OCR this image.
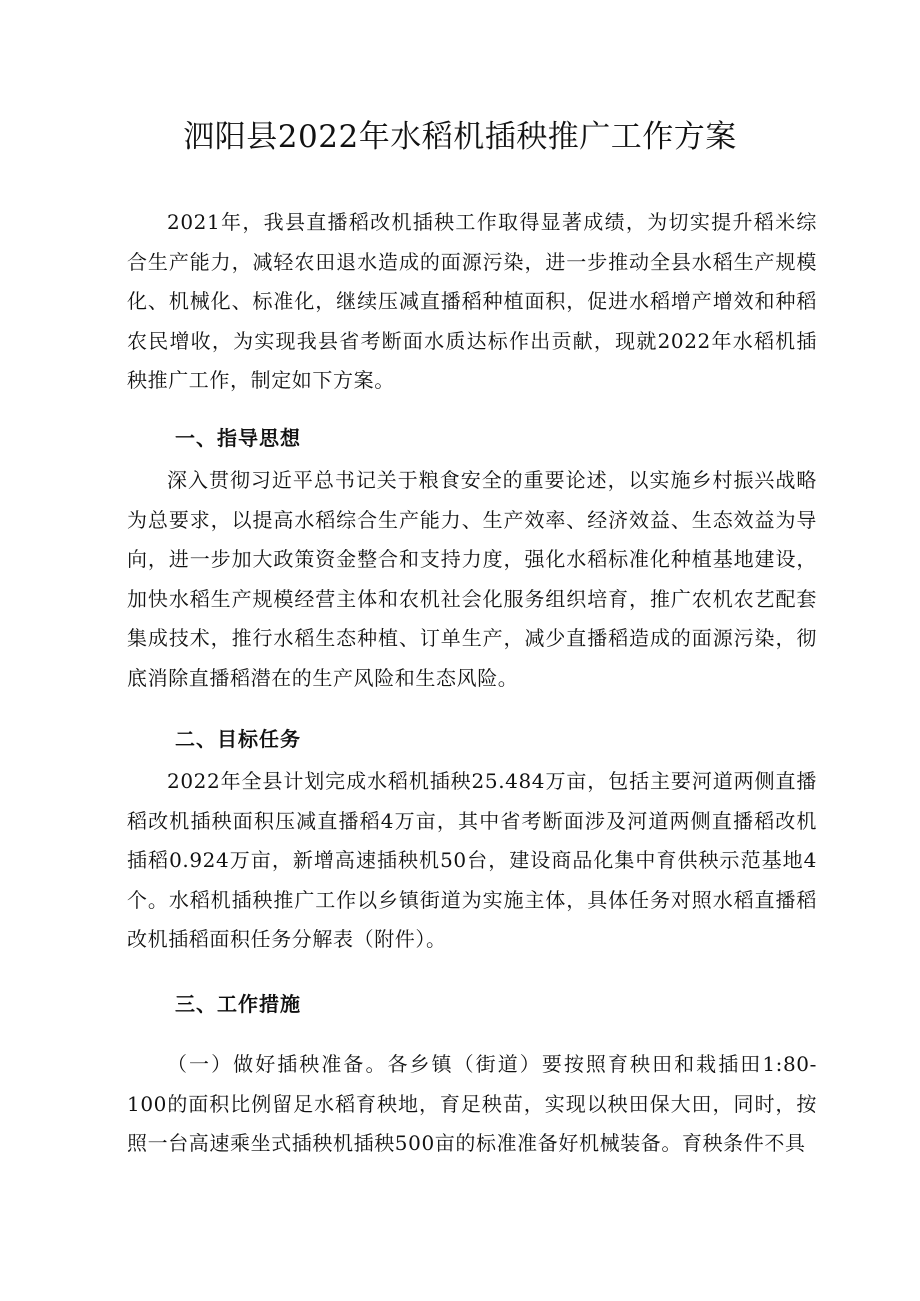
泗阳县2022年水稻机插秧推广工作方案

2021年，我县直播稻改机插秧工作取得显著成绩，为切实提升稻米综合生产能力，减轻农田退水造成的面源污染，进一步推动全县水稻生产规模化、机械化、标准化，继续压减直播稻种植面积，促进水稻增产增效和种稻农民增收，为实现我县省考断面水质达标作出贡献，现就2022年水稻机插秧推广工作，制定如下方案。

一、指导思想

深入贯彻习近平总书记关于粮食安全的重要论述，以实施乡村振兴战略为总要求，以提高水稻综合生产能力、生产效率、经济效益、生态效益为导向，进一步加大政策资金整合和支持力度，强化水稻标准化种植基地建设，加快水稻生产规模经营主体和农机社会化服务组织培育，推广农机农艺配套集成技术，推行水稻生态种植、订单生产，减少直播稻造成的面源污染，彻底消除直播稻潜在的生产风险和生态风险。

二、目标任务

2022年全县计划完成水稻机插秧25.484万亩，包括主要河道两侧直播稻改机插秧面积压减直播稻4万亩，其中省考断面涉及河道两侧直播稻改机插稻0.924万亩，新增高速插秧机50台，建设商品化集中育供秧示范基地4个。水稻机插秧推广工作以乡镇街道为实施主体，具体任务对照水稻直播稻改机插稻面积任务分解表（附件）。

三、工作措施

（一）做好插秧准备。各乡镇（街道）要按照育秧田和栽插田1:80-100的面积比例留足水稻育秧地，育足秧苗，实现以秧田保大田，同时，按照一台高速乘坐式插秧机插秧500亩的标准准备好机械装备。育秧条件不具
